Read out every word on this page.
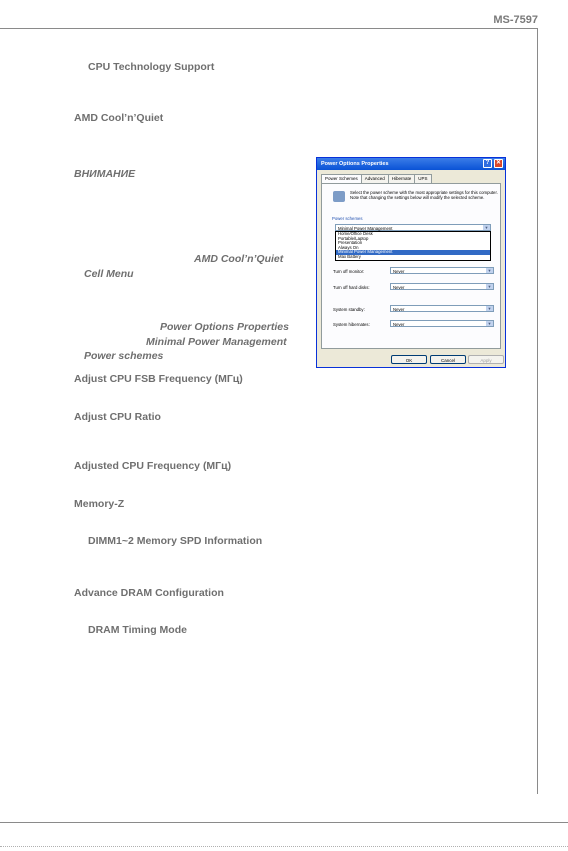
MS-7597
CPU Technology Support
AMD Cool’n’Quiet
ВНИМАНИЕ
AMD Cool’n’Quiet
Cell Menu
Power Options Properties
Minimal Power Management
Power schemes
Adjust CPU FSB Frequency (MГц)
Adjust CPU Ratio
Adjusted CPU Frequency (MГц)
Memory-Z
DIMM1~2 Memory SPD Information
Advance DRAM Configuration
DRAM Timing Mode
Power Options Properties	?	✕
Power Schemes Advanced Hibernate UPS
Select the power scheme with the most appropriate settings for this computer. Note that changing the settings below will modify the selected scheme.
Power schemes
Minimal Power Management	▼
Home/Office Desk
Portable/Laptop
Presentation
Always On
Minimal Power Management
Max Battery
Turn off monitor:	Never	▼
Turn off hard disks:	Never	▼
System standby:	Never	▼
System hibernates:	Never	▼
OK	Cancel	Apply
